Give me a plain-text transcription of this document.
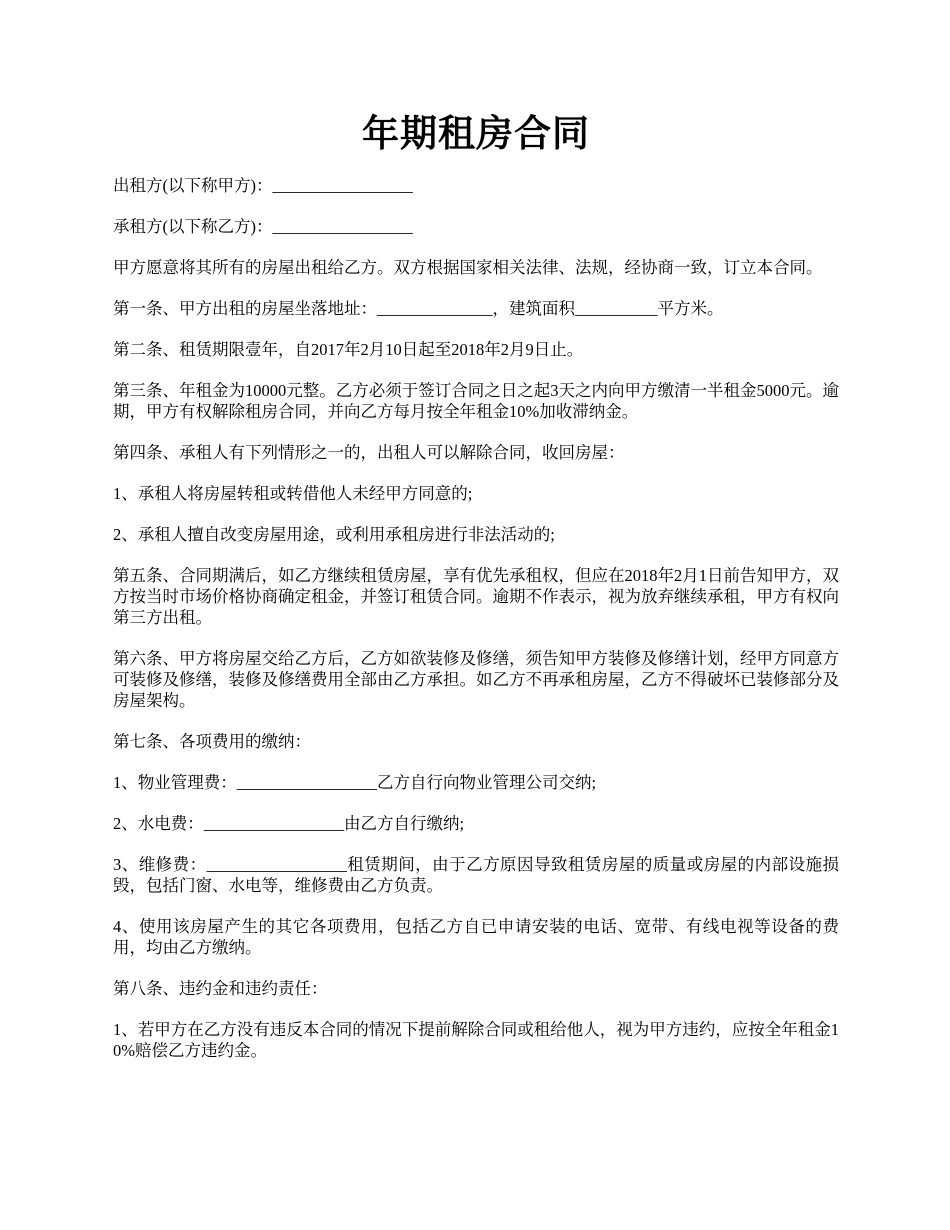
年期租房合同

出租方(以下称甲方)：_________________

承租方(以下称乙方)：_________________

甲方愿意将其所有的房屋出租给乙方。双方根据国家相关法律、法规，经协商一致，订立本合同。

第一条、甲方出租的房屋坐落地址：______________，建筑面积__________平方米。

第二条、租赁期限壹年，自2017年2月10日起至2018年2月9日止。

第三条、年租金为10000元整。乙方必须于签订合同之日之起3天之内向甲方缴清一半租金5000元。逾期，甲方有权解除租房合同，并向乙方每月按全年租金10%加收滞纳金。

第四条、承租人有下列情形之一的，出租人可以解除合同，收回房屋：

1、承租人将房屋转租或转借他人未经甲方同意的;

2、承租人擅自改变房屋用途，或利用承租房进行非法活动的;

第五条、合同期满后，如乙方继续租赁房屋，享有优先承租权，但应在2018年2月1日前告知甲方，双方按当时市场价格协商确定租金，并签订租赁合同。逾期不作表示，视为放弃继续承租，甲方有权向第三方出租。

第六条、甲方将房屋交给乙方后，乙方如欲装修及修缮，须告知甲方装修及修缮计划，经甲方同意方可装修及修缮，装修及修缮费用全部由乙方承担。如乙方不再承租房屋，乙方不得破坏已装修部分及房屋架构。

第七条、各项费用的缴纳：

1、物业管理费：_________________乙方自行向物业管理公司交纳;

2、水电费：_________________由乙方自行缴纳;

3、维修费：_________________租赁期间，由于乙方原因导致租赁房屋的质量或房屋的内部设施损毁，包括门窗、水电等，维修费由乙方负责。

4、使用该房屋产生的其它各项费用，包括乙方自已申请安装的电话、宽带、有线电视等设备的费用，均由乙方缴纳。

第八条、违约金和违约责任：

1、若甲方在乙方没有违反本合同的情况下提前解除合同或租给他人，视为甲方违约，应按全年租金10%赔偿乙方违约金。
